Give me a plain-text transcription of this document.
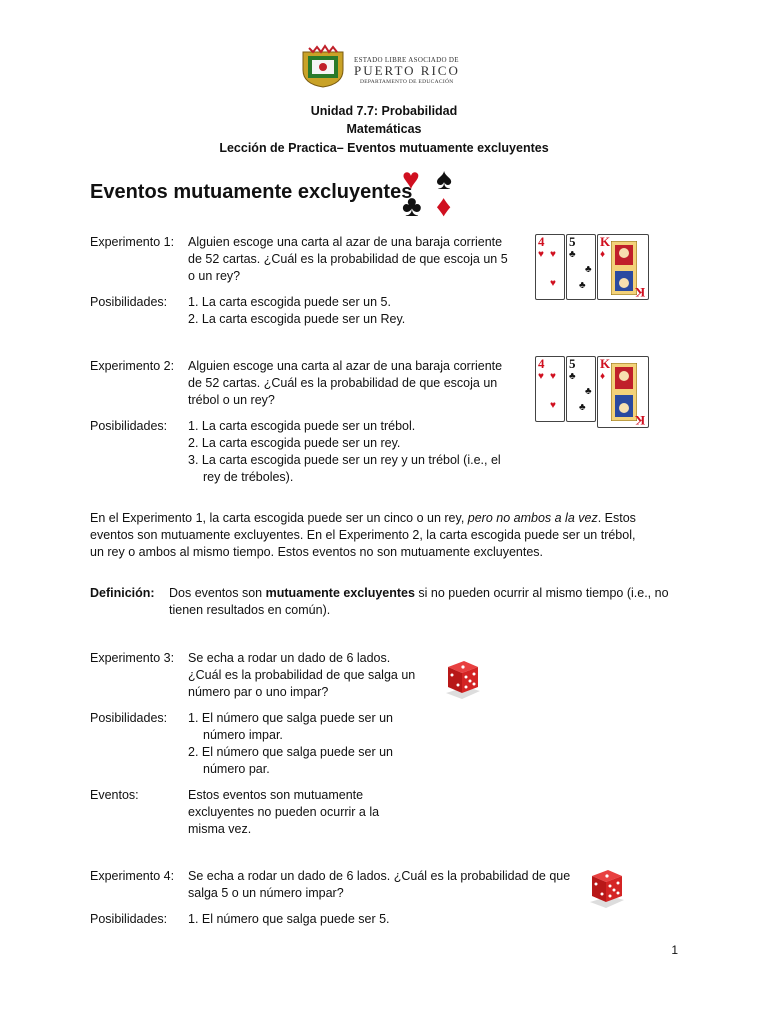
ESTADO LIBRE ASOCIADO DE
PUERTO RICO
DEPARTAMENTO DE EDUCACIÓN
Unidad 7.7: Probabilidad
Matemáticas
Lección de Practica– Eventos mutuamente excluyentes
Eventos mutuamente excluyentes
♥ ♠
♣ ♦
Experimento 1: Alguien escoge una carta al azar de una baraja corriente
de 52 cartas. ¿Cuál es la probabilidad de que escoja un 5
o un rey?
Posibilidades: 1. La carta escogida puede ser un 5.
2. La carta escogida puede ser un Rey.
4
♥ ♥
♥
5
♣
♣
♣
K
♦
K
Experimento 2: Alguien escoge una carta al azar de una baraja corriente
de 52 cartas. ¿Cuál es la probabilidad de que escoja un
trébol o un rey?
Posibilidades: 1. La carta escogida puede ser un trébol.
2. La carta escogida puede ser un rey.
3. La carta escogida puede ser un rey y un trébol (i.e., el
rey de tréboles).
4
♥ ♥
♥
5
♣
♣
♣
K
♦
K
En el Experimento 1, la carta escogida puede ser un cinco o un rey, pero no ambos a la vez. Estos
eventos son mutuamente excluyentes. En el Experimento 2, la carta escogida puede ser un trébol,
un rey o ambos al mismo tiempo. Estos eventos no son mutuamente excluyentes.
Definición: Dos eventos son mutuamente excluyentes si no pueden ocurrir al mismo tiempo (i.e., no
tienen resultados en común).
Experimento 3: Se echa a rodar un dado de 6 lados.
¿Cuál es la probabilidad de que salga un
número par o uno impar?
Posibilidades: 1. El número que salga puede ser un
número impar.
2. El número que salga puede ser un
número par.
Eventos:	Estos eventos son mutuamente
excluyentes no pueden ocurrir a la
misma vez.
Experimento 4: Se echa a rodar un dado de 6 lados. ¿Cuál es la probabilidad de que
salga 5 o un número impar?
Posibilidades: 1. El número que salga puede ser 5.
1
